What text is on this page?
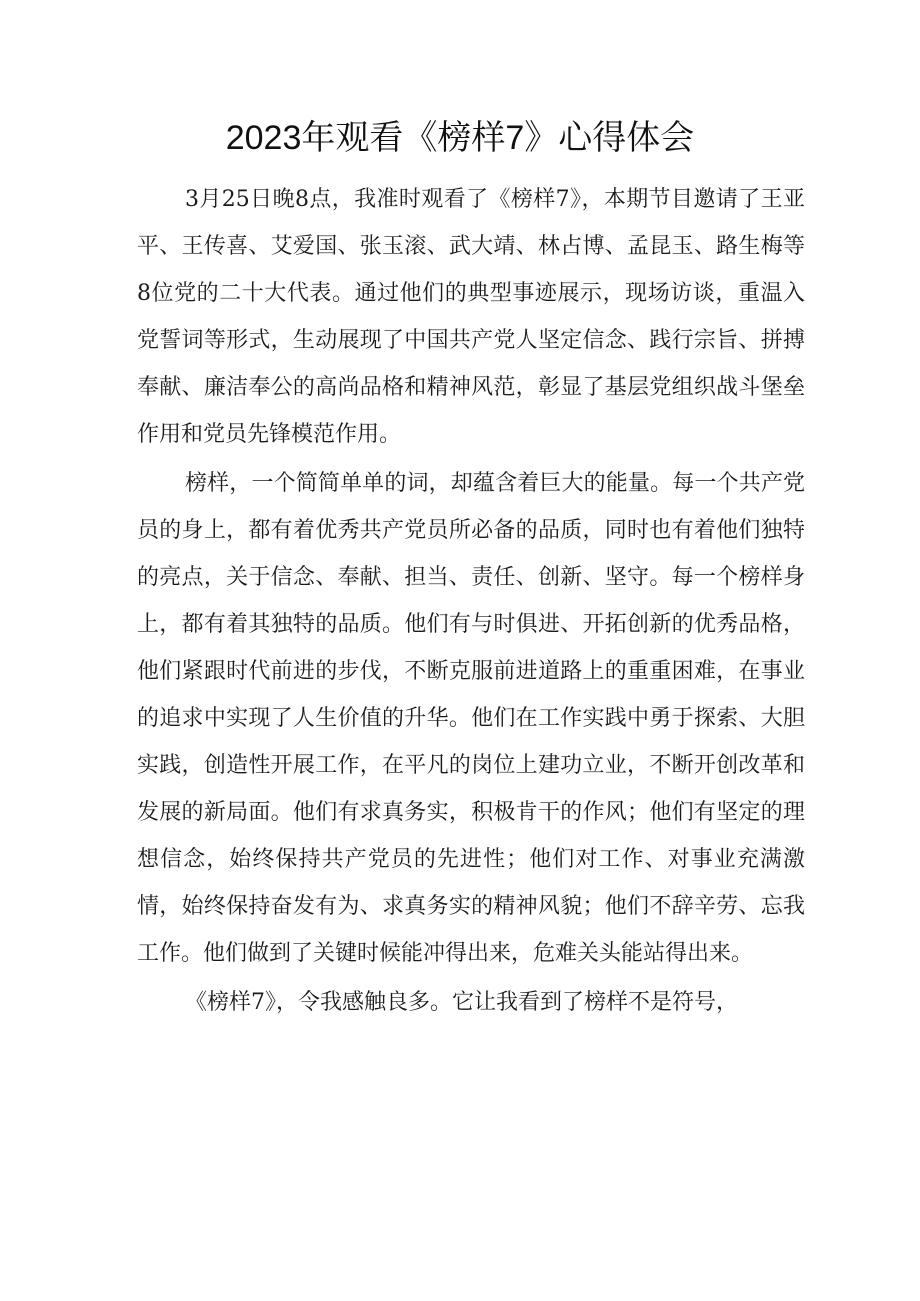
2023年观看《榜样7》心得体会

3月25日晚8点，我准时观看了《榜样7》，本期节目邀请了王亚平、王传喜、艾爱国、张玉滚、武大靖、林占博、孟昆玉、路生梅等8位党的二十大代表。通过他们的典型事迹展示，现场访谈，重温入党誓词等形式，生动展现了中国共产党人坚定信念、践行宗旨、拼搏奉献、廉洁奉公的高尚品格和精神风范，彰显了基层党组织战斗堡垒作用和党员先锋模范作用。

榜样，一个简简单单的词，却蕴含着巨大的能量。每一个共产党员的身上，都有着优秀共产党员所必备的品质，同时也有着他们独特的亮点，关于信念、奉献、担当、责任、创新、坚守。每一个榜样身上，都有着其独特的品质。他们有与时俱进、开拓创新的优秀品格，他们紧跟时代前进的步伐，不断克服前进道路上的重重困难，在事业的追求中实现了人生价值的升华。他们在工作实践中勇于探索、大胆实践，创造性开展工作，在平凡的岗位上建功立业，不断开创改革和发展的新局面。他们有求真务实，积极肯干的作风；他们有坚定的理想信念，始终保持共产党员的先进性；他们对工作、对事业充满激情，始终保持奋发有为、求真务实的精神风貌；他们不辞辛劳、忘我工作。他们做到了关键时候能冲得出来，危难关头能站得出来。

《榜样7》，令我感触良多。它让我看到了榜样不是符号，
